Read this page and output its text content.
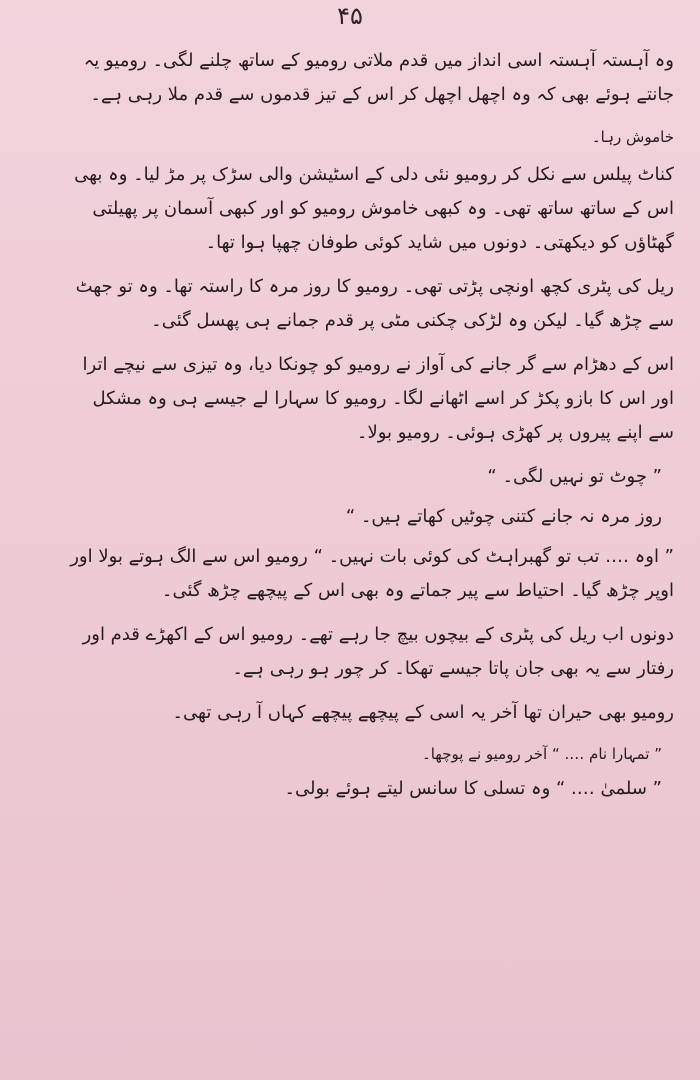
۴۵

وہ آہستہ آہستہ اسی انداز میں قدم ملاتی رومیو کے ساتھ چلنے لگی۔ رومیو یہ جانتے ہوئے بھی کہ وہ اچھل اچھل کر اس کے تیز قدموں سے قدم ملا رہی ہے۔

خاموش رہا۔

کناٹ پیلس سے نکل کر رومیو نئی دلی کے اسٹیشن والی سڑک پر مڑ لیا۔ وہ بھی اس کے ساتھ ساتھ تھی۔ وہ کبھی خاموش رومیو کو اور کبھی آسمان پر پھیلتی گھٹاؤں کو دیکھتی۔ دونوں میں شاید کوئی طوفان چھپا ہوا تھا۔

ریل کی پٹری کچھ اونچی پڑتی تھی۔ رومیو کا روز مرہ کا راستہ تھا۔ وہ تو جھٹ سے چڑھ گیا۔ لیکن وہ لڑکی چکنی مٹی پر قدم جمانے ہی پھسل گئی۔

اس کے دھڑام سے گر جانے کی آواز نے رومیو کو چونکا دیا، وہ تیزی سے نیچے اترا اور اس کا بازو پکڑ کر اسے اٹھانے لگا۔ رومیو کا سہارا لے جیسے ہی وہ مشکل سے اپنے پیروں پر کھڑی ہوئی۔ رومیو بولا۔

” چوٹ تو نہیں لگی۔ “

روز مرہ نہ جانے کتنی چوٹیں کھاتے ہیں۔ “

” اوہ …. تب تو گھبراہٹ کی کوئی بات نہیں۔ “ رومیو اس سے الگ ہوتے بولا اور اوپر چڑھ گیا۔ احتیاط سے پیر جماتے وہ بھی اس کے پیچھے چڑھ گئی۔

دونوں اب ریل کی پٹری کے بیچوں بیچ جا رہے تھے۔ رومیو اس کے اکھڑے قدم اور رفتار سے یہ بھی جان پاتا جیسے تھکا۔ کر چور ہو رہی ہے۔

رومیو بھی حیران تھا آخر یہ اسی کے پیچھے پیچھے کہاں آ رہی تھی۔

” تمہارا نام …. “ آخر رومیو نے پوچھا۔

” سلمیٰ …. “ وہ تسلی کا سانس لیتے ہوئے بولی۔
